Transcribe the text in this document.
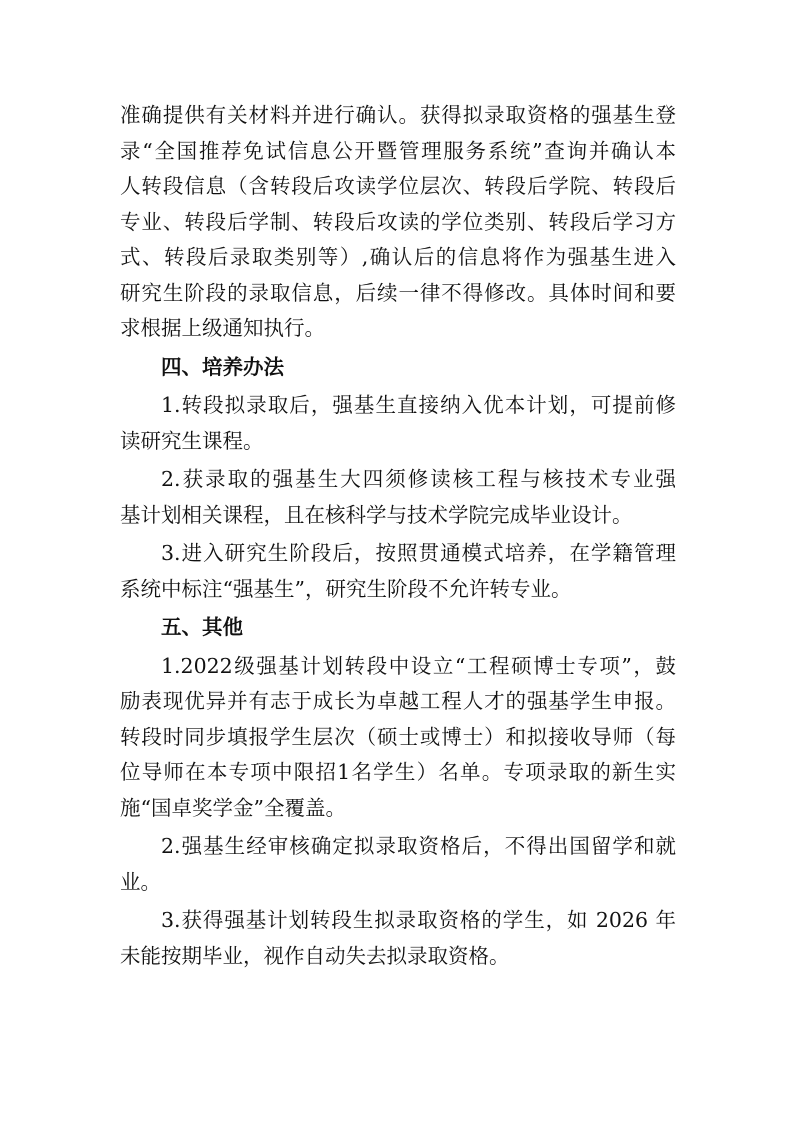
准确提供有关材料并进行确认。获得拟录取资格的强基生登
录“全国推荐免试信息公开暨管理服务系统”查询并确认本
人转段信息（含转段后攻读学位层次、转段后学院、转段后
专业、转段后学制、转段后攻读的学位类别、转段后学习方
式、转段后录取类别等）,确认后的信息将作为强基生进入
研究生阶段的录取信息，后续一律不得修改。具体时间和要
求根据上级通知执行。
四、培养办法
1.转段拟录取后，强基生直接纳入优本计划，可提前修
读研究生课程。
2.获录取的强基生大四须修读核工程与核技术专业强
基计划相关课程，且在核科学与技术学院完成毕业设计。
3.进入研究生阶段后，按照贯通模式培养，在学籍管理
系统中标注“强基生”，研究生阶段不允许转专业。
五、其他
1.2022级强基计划转段中设立“工程硕博士专项”，鼓
励表现优异并有志于成长为卓越工程人才的强基学生申报。
转段时同步填报学生层次（硕士或博士）和拟接收导师（每
位导师在本专项中限招1名学生）名单。专项录取的新生实
施“国卓奖学金”全覆盖。
2.强基生经审核确定拟录取资格后，不得出国留学和就
业。
3.获得强基计划转段生拟录取资格的学生，如 2026 年
未能按期毕业，视作自动失去拟录取资格。
